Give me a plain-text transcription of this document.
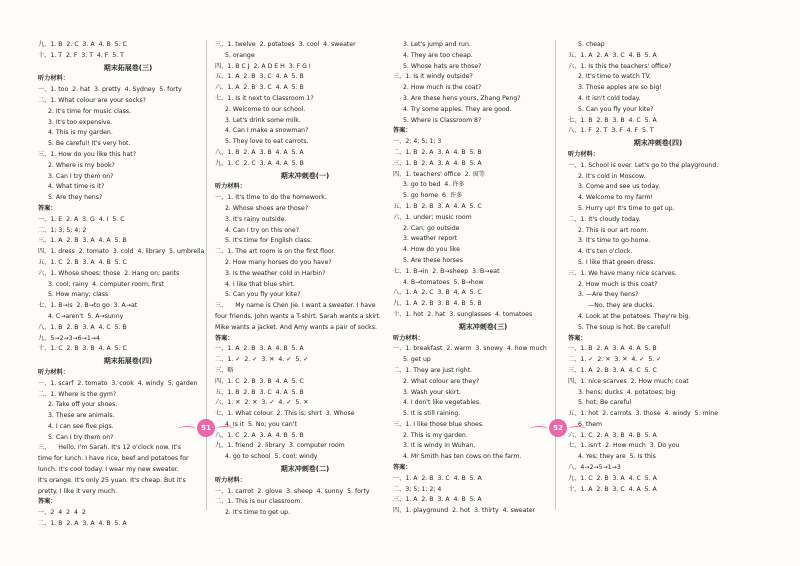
九、1. B  2. C  3. A  4. B  5. C
十、1. T  2. F  3. T  4. F  5. T
期末拓展卷(三)
听力材料：
一、1. too  2. hat  3. pretty  4. Sydney  5. forty
二、1. What colour are your socks?
2. It's time for music class.
3. It's too expensive.
4. This is my garden.
5. Be careful! It's very hot.
三、1. How do you like this hat?
2. Where is my book?
3. Can I try them on?
4. What time is it?
5. Are they hens?
答案：
一、1. E  2. A  3. G  4. I  5. C
二、1; 3; 5; 4; 2
三、1. A  2. B  3. A  4. A  5. B
四、1. dress  2. tomato  3. cold  4. library  5. umbrella
五、1. C  2. B  3. A  4. B  5. C
六、1. Whose shoes; those  2. Hang on; pants
3. cool; rainy  4. computer room; first
5. How many; class
七、1. B→is  2. B→to go  3. A→at
4. C→aren't  5. A→sunny
八、1. B  2. B  3. A  4. C  5. B
九、5→2→3→6→1→4
十、1. C  2. B  3. B  4. A  5. C
期末拓展卷(四)
听力材料：
一、1. scarf  2. tomato  3. cook  4. windy  5. garden
二、1. Where is the gym?
2. Take off your shoes.
3. These are animals.
4. I can see five pigs.
5. Can I try them on?
三、    Hello, I'm Sarah. It's 12 o'clock now. It's
time for lunch. I have rice, beef and potatoes for
lunch. It's cool today. I wear my new sweater.
It's orange. It's only 25 yuan. It's cheap. But it's
pretty. I like it very much.
答案：
一、2  4  2  4  2
二、1. B  2. A  3. A  4. B  5. A
三、1. twelve  2. potatoes  3. cool  4. sweater
5. orange
四、1. B C J  2. A D E H  3. F G I
五、1. A  2. B  3. C  4. A  5. B
六、1. A  2. B  3. C  4. A  5. B
七、1. Is it next to Classroom 1?
2. Welcome to our school.
3. Let's drink some milk.
4. Can I make a snowman?
5. They love to eat carrots.
八、1. B  2. A  3. B  4. A  5. A
九、1. C  2. C  3. A  4. A  5. B
期末冲刺卷(一)
听力材料：
一、1. It's time to do the homework.
2. Whose shoes are those?
3. It's rainy outside.
4. Can I try on this one?
5. It's time for English class.
二、1. The art room is on the first floor.
2. How many horses do you have?
3. Is the weather cold in Harbin?
4. I like that blue shirt.
5. Can you fly your kite?
三、    My name is Chen Jie. I want a sweater. I have
four friends. John wants a T-shirt. Sarah wants a skirt.
Mike wants a jacket. And Amy wants a pair of socks.
答案：
一、1. A  2. B  3. A  4. B  5. A
二、1. ✓  2. ✓  3. ✕  4. ✓  5. ✓
三、略
四、1. C  2. B  3. B  4. A  5. C
五、1. B  2. B  3. C  4. A  5. B
六、1. ✕  2. ✕  3. ✓  4. ✓  5. ✕
七、1. What colour  2. This is; shirt  3. Whose
4. Is it  5. No; you can't
八、1. C  2. A  3. A  4. B  5. B
九、1. friend  2. library  3. computer room
4. go to school  5. cool; windy
期末冲刺卷(二)
听力材料：
一、1. carrot  2. glove  3. sheep  4. sunny  5. forty
二、1. This is our classroom.
2. It's time to get up.
3. Let's jump and run.
4. They are too cheap.
5. Whose hats are those?
三、1. Is it windy outside?
2. How much is the coat?
3. Are these hens yours, Zhang Peng?
4. Try some apples. They are good.
5. Where is Classroom 8?
答案：
一、2; 4; 5; 1; 3
二、1. B  2. A  3. A  4. B  5. B
三、1. B  2. A  3. A  4. B  5. A
四、1. teachers' office  2. 窗等
3. go to bed  4. 许多
5. go home  6. 许多
五、1. B  2. B  3. A  4. A  5. C
六、1. under; music room
2. Can; go outside
3. weather report
4. How do you like
5. Are these horses
七、1. B→in  2. B→sheep  3. B→eat
4. B→tomatoes  5. B→how
八、1. A  2. C  3. B  4. A  5. C
九、1. A  2. B  3. B  4. B  5. B
十、1. hot  2. hat  3. sunglasses  4. tomatoes
期末冲刺卷(三)
听力材料：
一、1. breakfast  2. warm  3. snowy  4. how much
5. get up
二、1. They are just right.
2. What colour are they?
3. Wash your skirt.
4. I don't like vegetables.
5. It is still raining.
三、1. I like those blue shoes.
2. This is my garden.
3. It is windy in Wuhan.
4. Mr Smith has ten cows on the farm.
答案：
一、1. A  2. B  3. C  4. B  5. A
二、3; 5; 1; 2; 4
三、1. A  2. B  3. A  4. B  5. A
四、1. playground  2. hot  3. thirty  4. sweater
5. cheap
五、1. A  2. A  3. C  4. B  5. A
六、1. Is this the teachers' office?
2. It's time to watch TV.
3. Those apples are so big!
4. It isn't cold today.
5. Can you fly your kite?
七、1. B  2. B  3. B  4. C  5. A
八、1. F  2. T  3. F  4. F  5. T
期末冲刺卷(四)
听力材料：
一、1. School is over. Let's go to the playground.
2. It's cold in Moscow.
3. Come and see us today.
4. Welcome to my farm!
5. Hurry up! It's time to get up.
二、1. It's cloudy today.
2. This is our art room.
3. It's time to go home.
4. It's ten o'clock.
5. I like that green dress.
三、1. We have many nice scarves.
2. How much is this coat?
3. —Are they hens?
—No, they are ducks.
4. Look at the potatoes. They're big.
5. The soup is hot. Be careful!
答案：
一、1. B  2. A  3. A  4. A  5. B
二、1. ✓  2. ✕  3. ✕  4. ✓  5. ✓
三、1. A  2. B  3. A  4. C  5. C
四、1. nice scarves  2. How much; coat
3. hens; ducks  4. potatoes; big
5. hot; Be careful
五、1. hot  2. carrots  3. those  4. windy  5. mine
6. them
六、1. C  2. A  3. B  4. B  5. A
七、1. isn't  2. How much  3. Do you
4. Yes; they are  5. Is this
八、4→2→5→1→3
九、1. C  2. B  3. A  4. C  5. A
十、1. A  2. B  3. C  4. A  5. A
51	52
